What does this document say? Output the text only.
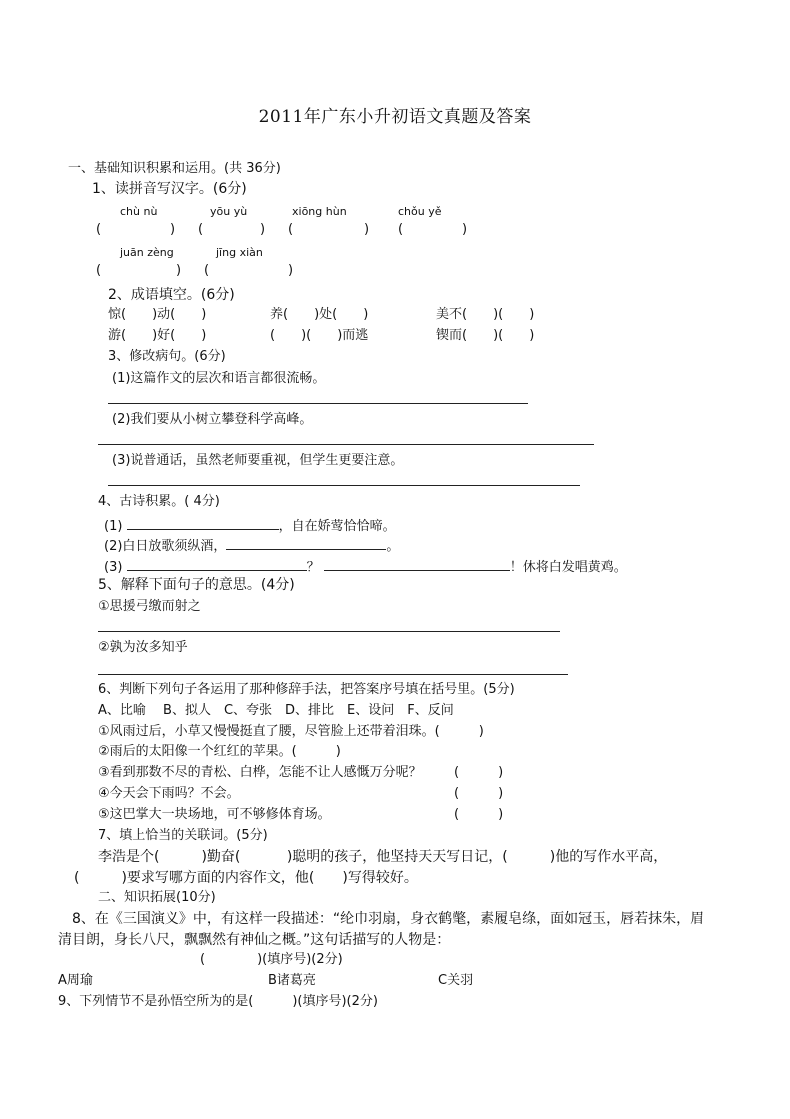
2011年广东小升初语文真题及答案
一、基础知识积累和运用。(共 36分)
1、读拼音写汉字。(6分)
chù nù	yōu yù	xiōng hùn	chǒu yě
(	) (	) (	) (	)
juān zèng	jīng xiàn
(	) (	)
2、成语填空。(6分)
惊(　　)动(　　)	养(　　)处(　　)	美不(　　)(　　)
游(　　)好(　　)	(　　)(　　)而逃	锲而(　　)(　　)
3、修改病句。(6分)
(1)这篇作文的层次和语言都很流畅。
(2)我们要从小树立攀登科学高峰。
(3)说普通话，虽然老师要重视，但学生更要注意。
4、古诗积累。( 4分)
(1)	，自在娇莺恰恰啼。
(2)白日放歌须纵酒，	。
(3)	？	！休将白发唱黄鸡。
5、解释下面句子的意思。(4分)
①思援弓缴而射之
②孰为汝多知乎
6、判断下列句子各运用了那种修辞手法，把答案序号填在括号里。(5分)
A、比喻　 B、拟人　C、夸张　D、排比　E、设问　F、反问
①风雨过后，小草又慢慢挺直了腰，尽管脸上还带着泪珠。(　　　)
②雨后的太阳像一个红红的苹果。(　　　)
③看到那数不尽的青松、白桦，怎能不让人感慨万分呢？ (　　　)
④今天会下雨吗？不会。	(　　　)
⑤这巴掌大一块场地，可不够修体育场。	(　　　)
7、填上恰当的关联词。(5分)
李浩是个(　　　)勤奋(　　　 )聪明的孩子，他坚持天天写日记，(　　　)他的写作水平高，
(　　　)要求写哪方面的内容作文，他(　　)写得较好。
二、知识拓展(10分)
8、在《三国演义》中，有这样一段描述：“纶巾羽扇，身衣鹤氅，素履皂绦，面如冠玉，唇若抹朱，眉
清目朗，身长八尺，飘飘然有神仙之概。”这句话描写的人物是：
(　　　　)(填序号)(2分)
A周瑜	B诸葛亮	C关羽
9、下列情节不是孙悟空所为的是(　　　)(填序号)(2分)
